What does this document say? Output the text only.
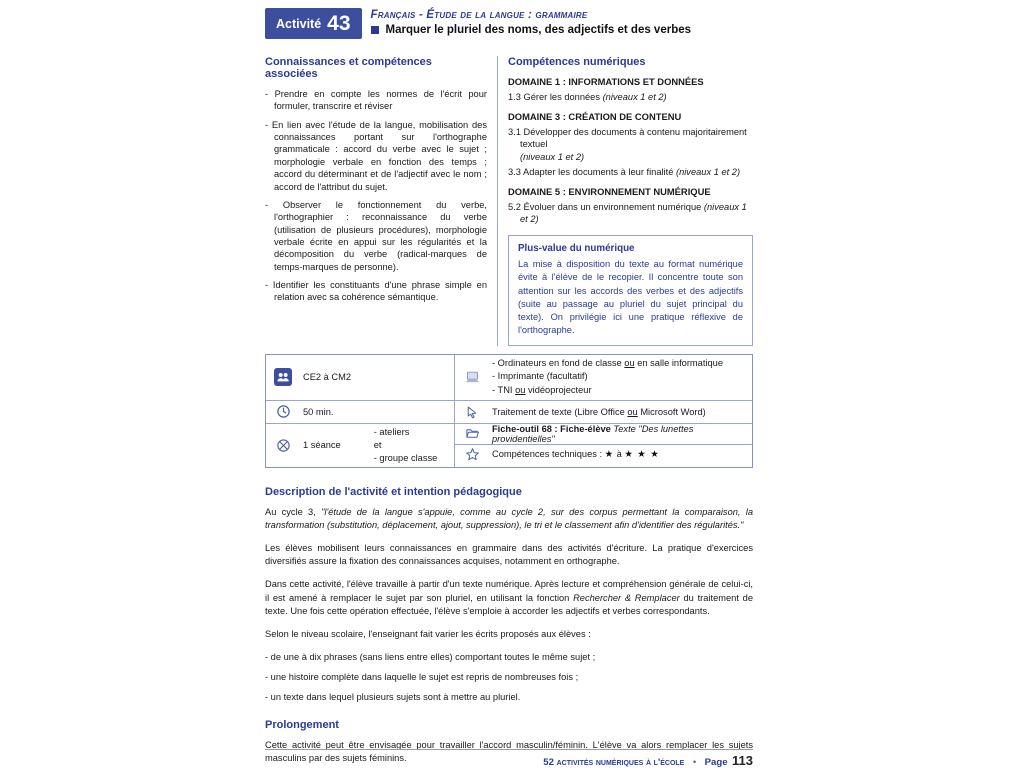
Activité 43 Français - Étude de la langue : grammaire
Marquer le pluriel des noms, des adjectifs et des verbes
Connaissances et compétences associées

- Prendre en compte les normes de l'écrit pour formuler, transcrire et réviser

- En lien avec l'étude de la langue, mobilisation des connaissances portant sur l'orthographe grammaticale : accord du verbe avec le sujet ; morphologie verbale en fonction des temps ; accord du déterminant et de l'adjectif avec le nom ; accord de l'attribut du sujet.

- Observer le fonctionnement du verbe, l'orthographier : reconnaissance du verbe (utilisation de plusieurs procédures), morphologie verbale écrite en appui sur les régularités et la décomposition du verbe (radical-marques de temps-marques de personne).

- Identifier les constituants d'une phrase simple en relation avec sa cohérence sémantique.

Compétences numériques
DOMAINE 1 : INFORMATIONS ET DONNÉES
1.3 Gérer les données (niveaux 1 et 2)
DOMAINE 3 : CRÉATION DE CONTENU
3.1 Développer des documents à contenu majoritairement textuel
(niveaux 1 et 2)
3.3 Adapter les documents à leur finalité (niveaux 1 et 2)
DOMAINE 5 : ENVIRONNEMENT NUMÉRIQUE
5.2 Évoluer dans un environnement numérique (niveaux 1 et 2)
Plus-value du numérique
La mise à disposition du texte au format numérique évite à l'élève de le recopier. Il concentre toute son attention sur les accords des verbes et des adjectifs (suite au passage au pluriel du sujet principal du texte). On privilégie ici une pratique réflexive de l'orthographe.
CE2 à CM2
50 min.
1 séance
- ateliers
et
- groupe classe
- Ordinateurs en fond de classe ou en salle informatique
- Imprimante (facultatif)
- TNI ou vidéoprojecteur
Traitement de texte (Libre Office ou Microsoft Word)
Fiche-outil 68 : Fiche-élève Texte "Des lunettes providentielles"
Compétences techniques : ★ à ★ ★ ★
Description de l'activité et intention pédagogique

Au cycle 3, "l'étude de la langue s'appuie, comme au cycle 2, sur des corpus permettant la comparaison, la transformation (substitution, déplacement, ajout, suppression), le tri et le classement afin d'identifier des régularités."

Les élèves mobilisent leurs connaissances en grammaire dans des activités d'écriture. La pratique d'exercices diversifiés assure la fixation des connaissances acquises, notamment en orthographe.

Dans cette activité, l'élève travaille à partir d'un texte numérique. Après lecture et compréhension générale de celui-ci, il est amené à remplacer le sujet par son pluriel, en utilisant la fonction Rechercher & Remplacer du traitement de texte. Une fois cette opération effectuée, l'élève s'emploie à accorder les adjectifs et verbes correspondants.

Selon le niveau scolaire, l'enseignant fait varier les écrits proposés aux élèves :

- de une à dix phrases (sans liens entre elles) comportant toutes le même sujet ;

- une histoire complète dans laquelle le sujet est repris de nombreuses fois ;

- un texte dans lequel plusieurs sujets sont à mettre au pluriel.

Prolongement

Cette activité peut être envisagée pour travailler l'accord masculin/féminin. L'élève va alors remplacer les sujets masculins par des sujets féminins.	52 activités numériques à l'école • Page 113
